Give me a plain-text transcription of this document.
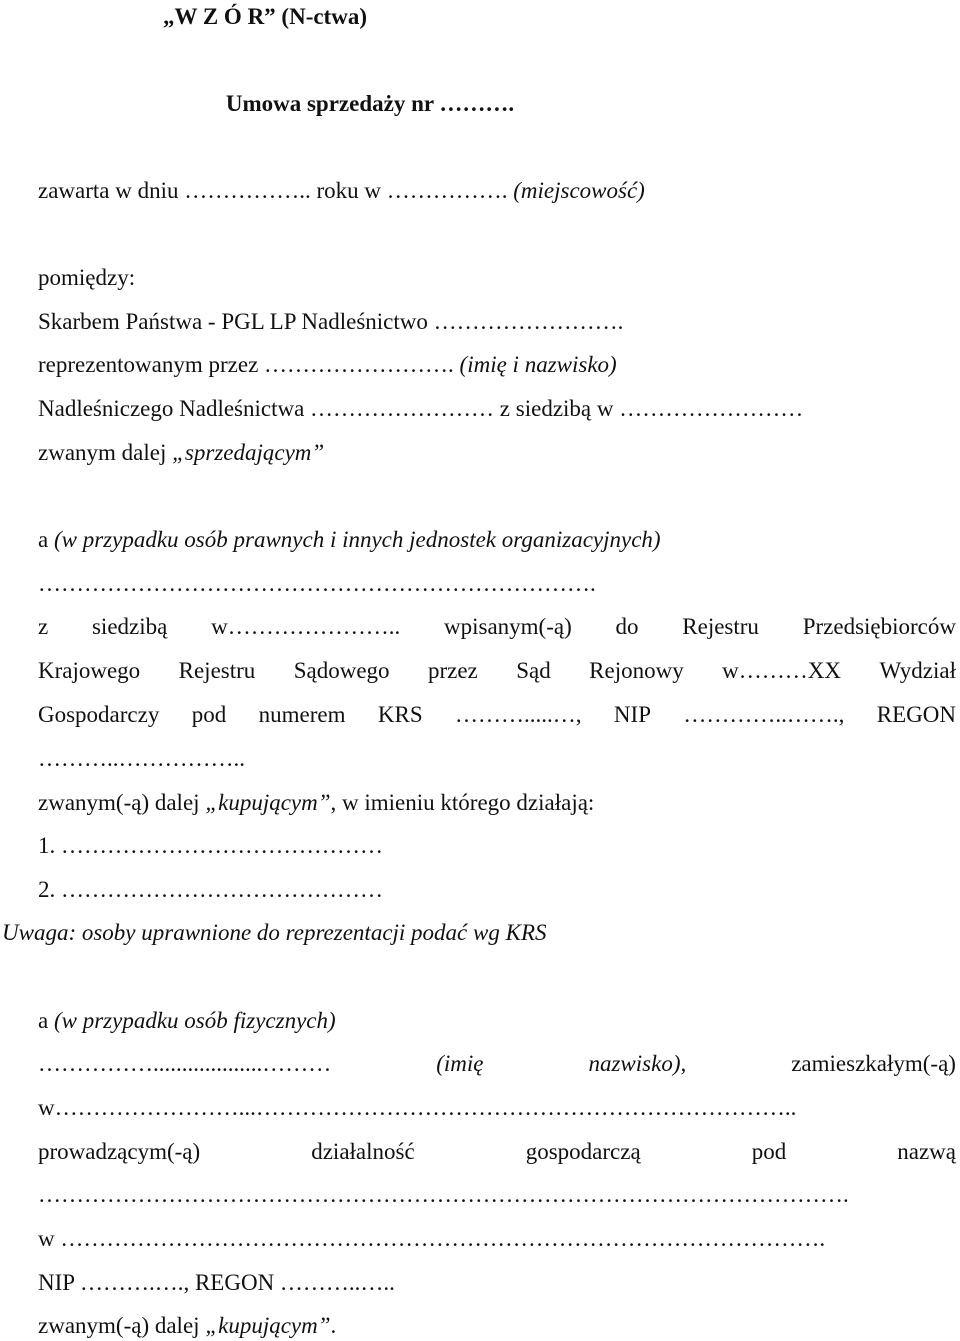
„W Z Ó R” (N-ctwa)
Umowa sprzedaży nr ……….
zawarta w dniu …………….. roku w ……………. (miejscowość)
pomiędzy:
Skarbem Państwa - PGL LP Nadleśnictwo …………………….
reprezentowanym przez ……………………. (imię i nazwisko)
Nadleśniczego Nadleśnictwa …………………… z siedzibą w ……………………
zwanym dalej „sprzedającym”
a (w przypadku osób prawnych i innych jednostek organizacyjnych)
……………………………………………………………….
z siedzibą w………………….. wpisanym(-ą) do Rejestru Przedsiębiorców
Krajowego Rejestru Sądowego przez Sąd Rejonowy w………XX Wydział
Gospodarczy pod numerem KRS ……….....…, NIP …………..……., REGON
………..……………..
zwanym(-ą) dalej „kupującym”, w imieniu którego działają:
1. ……………………………………
2. ……………………………………
Uwaga: osoby uprawnione do reprezentacji podać wg KRS
a (w przypadku osób fizycznych)
……………...................………	(imię	nazwisko),	zamieszkałym(-ą)
w……………………...……………………………………………………………..
prowadzącym(-ą)	działalność	gospodarczą	pod	nazwą
…………………………………………………………………………………………….
w ……………………………………………………………………………………….
NIP ……….…., REGON ………..…..
zwanym(-ą) dalej „kupującym”.
